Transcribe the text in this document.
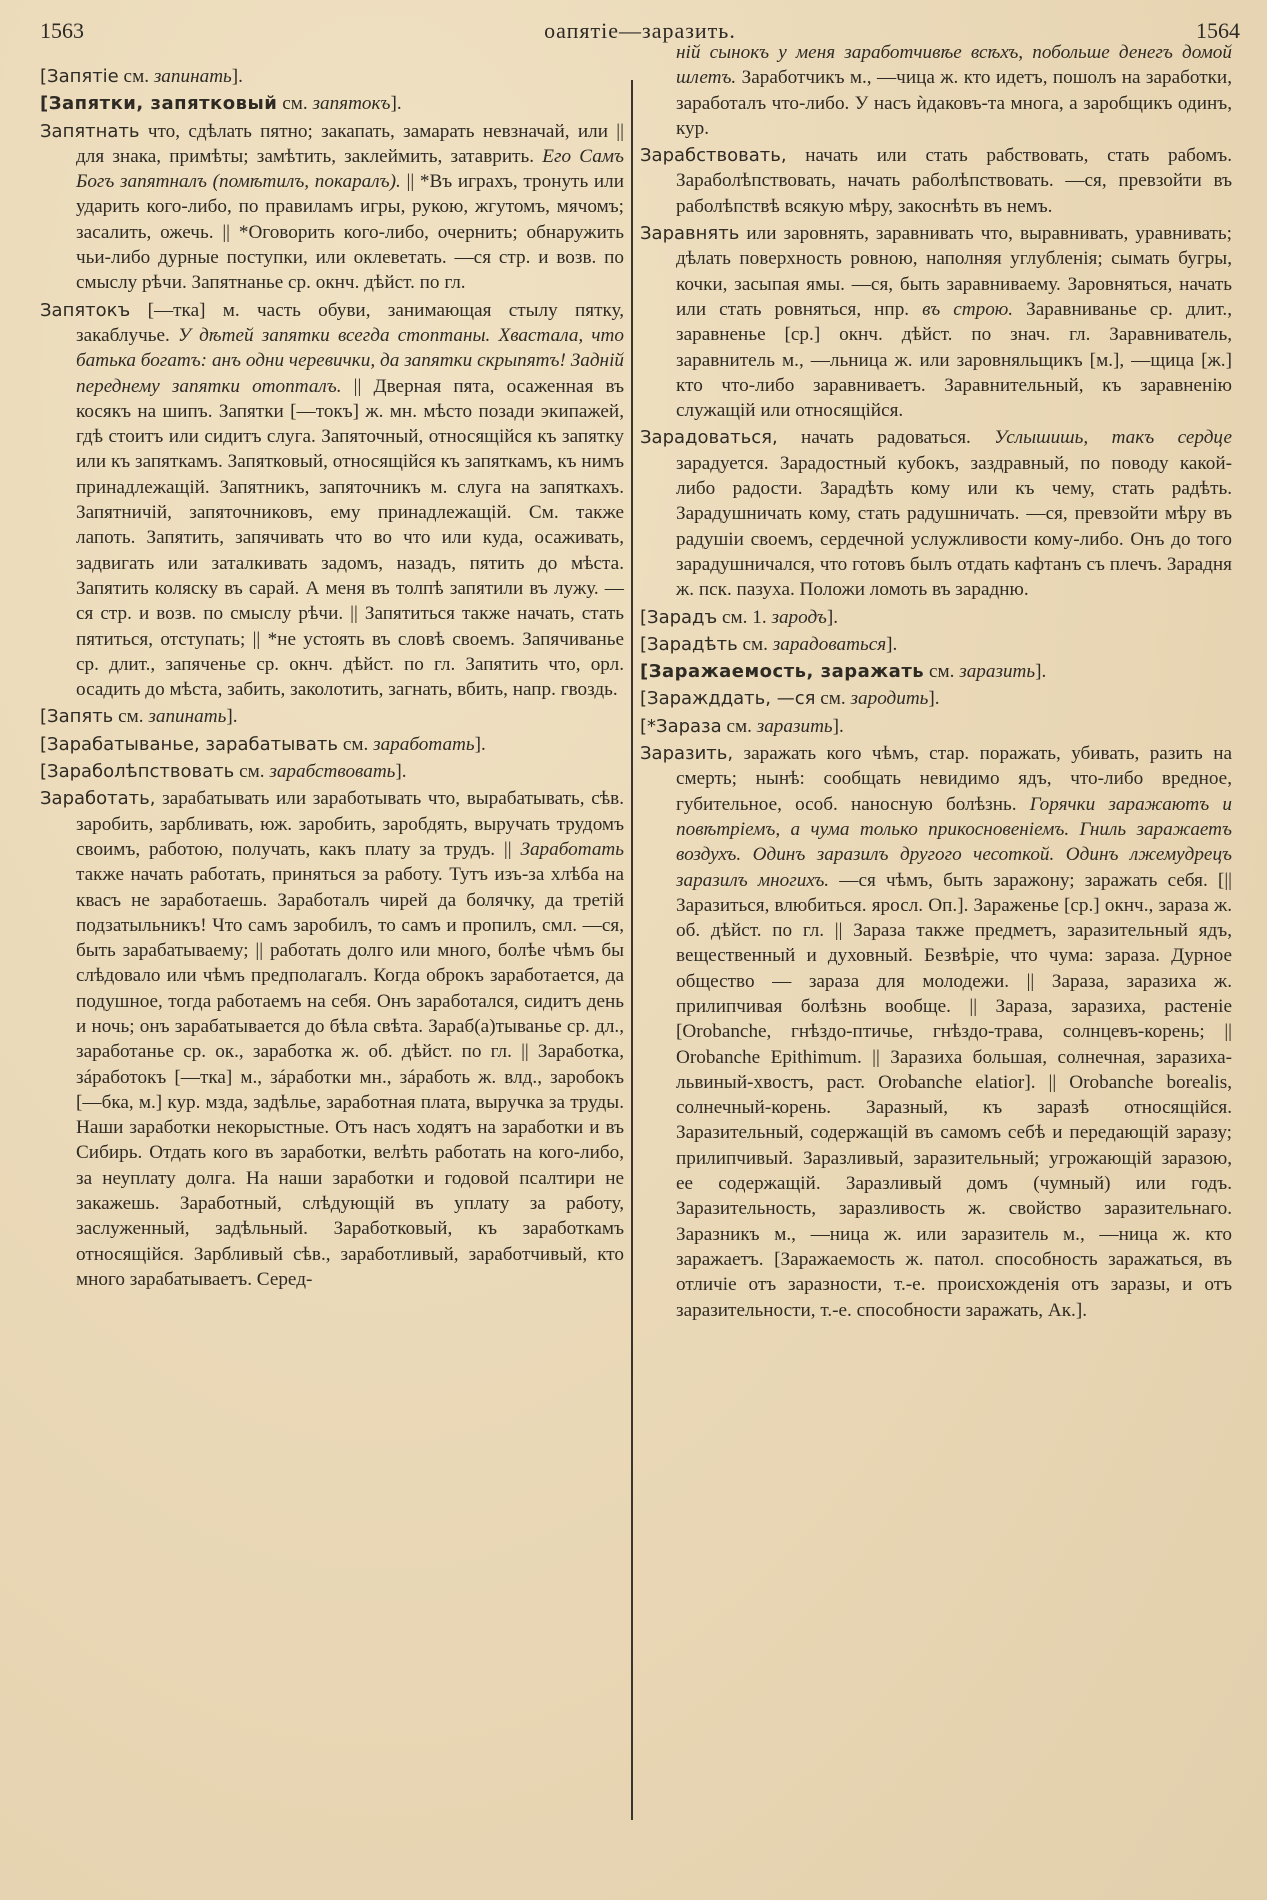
1563	оапятіе—заразить.	1564

[Запятіе см. запинать].

[Запятки, запятковый см. запятокъ].

Запятнать что, сдѣлать пятно; закапать, замарать невзначай, или || для знака, примѣты; замѣтить, заклеймить, затаврить. Его Самъ Богъ запятналъ (помѣтилъ, покаралъ). || *Въ играхъ, тронуть или ударить кого-либо, по правиламъ игры, рукою, жгутомъ, мячомъ; засалить, ожечь. || *Оговорить кого-либо, очернить; обнаружить чьи-либо дурные поступки, или оклеветать. —ся стр. и возв. по смыслу рѣчи. Запятнанье ср. окнч. дѣйст. по гл.

Запятокъ [—тка] м. часть обуви, занимающая стылу пятку, закаблучье. У дѣтей запятки всегда стоптаны. Хвастала, что батька богатъ: анъ одни черевички, да запятки скрыпятъ! Задній переднему запятки отопталъ. || Дверная пята, осаженная въ косякъ на шипъ. Запятки [—токъ] ж. мн. мѣсто позади экипажей, гдѣ стоитъ или сидитъ слуга. Запяточный, относящійся къ запятку или къ запяткамъ. Запятковый, относящійся къ запяткамъ, къ нимъ принадлежащій. Запятникъ, запяточникъ м. слуга на запяткахъ. Запятничій, запяточниковъ, ему принадлежащій. См. также лапоть. Запятить, запячивать что во что или куда, осаживать, задвигать или заталкивать задомъ, назадъ, пятить до мѣста. Запятить коляску въ сарай. А меня въ толпѣ запятили въ лужу. —ся стр. и возв. по смыслу рѣчи. || Запятиться также начать, стать пятиться, отступать; || *не устоять въ словѣ своемъ. Запячиванье ср. длит., запяченье ср. окнч. дѣйст. по гл. Запятить что, орл. осадить до мѣста, забить, заколотить, загнать, вбить, напр. гвоздь.

[Запять см. запинать].

[Зарабатыванье, зарабатывать см. заработать].

[Зараболѣпствовать см. зарабствовать].

Заработать, зарабатывать или заработывать что, вырабатывать, сѣв. заробить, зарбливать, юж. заробить, заробдять, выручать трудомъ своимъ, работою, получать, какъ плату за трудъ. || Заработать также начать работать, приняться за работу. Тутъ изъ-за хлѣба на квасъ не заработаешь. Заработалъ чирей да болячку, да третій подзатыльникъ! Что самъ заробилъ, то самъ и пропилъ, смл. —ся, быть зарабатываему; || работать долго или много, болѣе чѣмъ бы слѣдовало или чѣмъ предполагалъ. Когда оброкъ заработается, да подушное, тогда работаемъ на себя. Онъ заработался, сидитъ день и ночь; онъ зарабатывается до бѣла свѣта. Зараб(а)тыванье ср. дл., заработанье ср. ок., заработка ж. об. дѣйст. по гл. || Заработка, зáработокъ [—тка] м., зáработки мн., зáработь ж. влд., заробокъ [—бка, м.] кур. мзда, задѣлье, заработная плата, выручка за труды. Наши заработки некорыстные. Отъ насъ ходятъ на заработки и въ Сибирь. Отдать кого въ заработки, велѣть работать на кого-либо, за неуплату долга. На наши заработки и годовой псалтири не закажешь. Заработный, слѣдующій въ уплату за работу, заслуженный, задѣльный. Заработковый, къ заработкамъ относящійся. Зарбливый сѣв., заработливый, заработчивый, кто много зарабатываетъ. Серед-

ній сынокъ у меня заработчивѣе всѣхъ, побольше денегъ домой шлетъ. Заработчикъ м., —чица ж. кто идетъ, пошолъ на заработки, заработалъ что-либо. У насъ ѝдаковъ-та многа, а заробщикъ одинъ, кур.

Зарабствовать, начать или стать рабствовать, стать рабомъ. Зараболѣпствовать, начать раболѣпствовать. —ся, превзойти въ раболѣпствѣ всякую мѣру, закоснѣть въ немъ.

Заравнять или заровнять, заравнивать что, выравнивать, уравнивать; дѣлать поверхность ровною, наполняя углубленія; сымать бугры, кочки, засыпая ямы. —ся, быть заравниваему. Заровняться, начать или стать ровняться, нпр. въ строю. Заравниванье ср. длит., заравненье [ср.] окнч. дѣйст. по знач. гл. Заравниватель, заравнитель м., —льница ж. или заровняльщикъ [м.], —щица [ж.] кто что-либо заравниваетъ. Заравнительный, къ заравненію служащій или относящійся.

Зарадоваться, начать радоваться. Услышишь, такъ сердце зарадуется. Зарадостный кубокъ, заздравный, по поводу какой-либо радости. Зарадѣть кому или къ чему, стать радѣть. Зарадушничать кому, стать радушничать. —ся, превзойти мѣру въ радушіи своемъ, сердечной услужливости кому-либо. Онъ до того зарадушничался, что готовъ былъ отдать кафтанъ съ плечъ. Зарадня ж. пск. пазуха. Положи ломоть въ зарадню.

[Зарадъ см. 1. зародъ].

[Зарадѣть см. зарадоваться].

[Заражаемость, заражать см. заразить].

[Заражддать, —ся см. зародить].

[*Зараза см. заразить].

Заразить, заражать кого чѣмъ, стар. поражать, убивать, разить на смерть; нынѣ: сообщать невидимо ядъ, что-либо вредное, губительное, особ. наносную болѣзнь. Горячки заражаютъ и повѣтріемъ, а чума только прикосновеніемъ. Гниль заражаетъ воздухъ. Одинъ заразилъ другого чесоткой. Одинъ лжемудрецъ заразилъ многихъ. —ся чѣмъ, быть заражону; заражать себя. [|| Заразиться, влюбиться. яросл. Оп.]. Зараженье [ср.] окнч., зараза ж. об. дѣйст. по гл. || Зараза также предметъ, заразительный ядъ, вещественный и духовный. Безвѣріе, что чума: зараза. Дурное общество — зараза для молодежи. || Зараза, заразиха ж. прилипчивая болѣзнь вообще. || Зараза, заразиха, растеніе [Orobanche, гнѣздо-птичье, гнѣздо-трава, солнцевъ-корень; || Orobanche Epithimum. || Заразиха большая, солнечная, заразиха-львиный-хвостъ, раст. Orobanche elatior]. || Orobanche borealis, солнечный-корень. Заразный, къ заразѣ относящійся. Заразительный, содержащій въ самомъ себѣ и передающій заразу; прилипчивый. Заразливый, заразительный; угрожающій заразою, ее содержащій. Заразливый домъ (чумный) или годъ. Заразительность, заразливость ж. свойство заразительнаго. Заразникъ м., —ница ж. или заразитель м., —ница ж. кто заражаетъ. [Заражаемость ж. патол. способность заражаться, въ отличіе отъ заразности, т.-е. происхожденія отъ заразы, и отъ заразительности, т.-е. способности заражать, Ак.].
